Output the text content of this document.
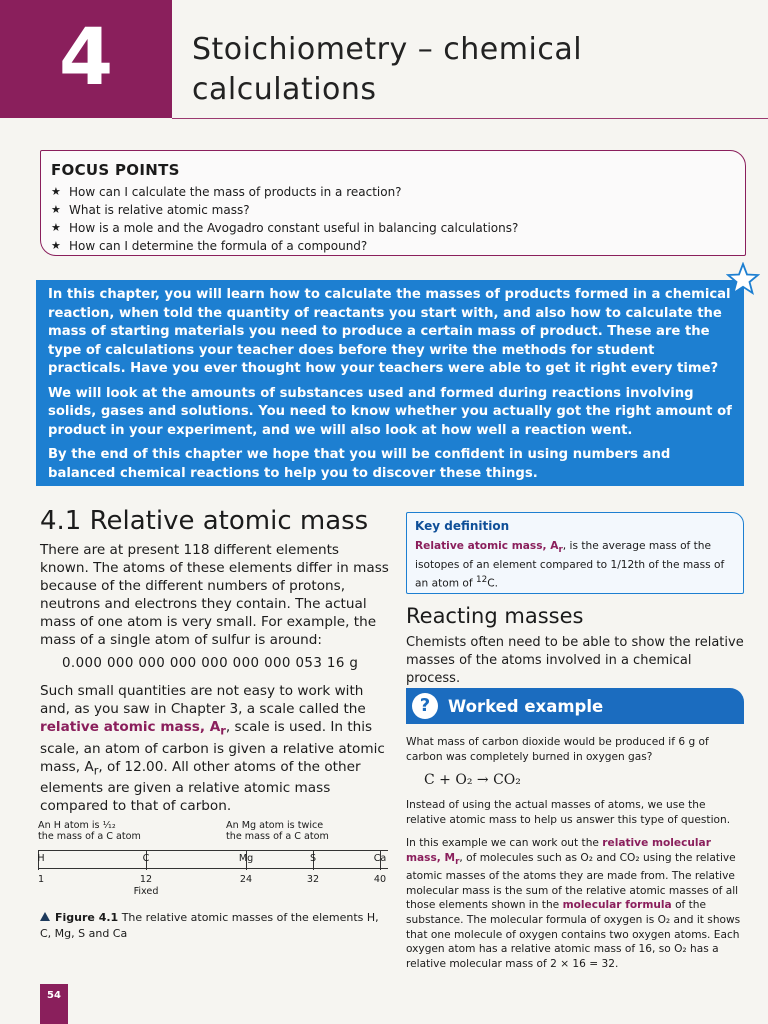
4	Stoichiometry – chemical
calculations
FOCUS POINTS
★ How can I calculate the mass of products in a reaction?
★ What is relative atomic mass?
★ How is a mole and the Avogadro constant useful in balancing calculations?
★ How can I determine the formula of a compound?

In this chapter, you will learn how to calculate the masses of products formed in a chemical reaction, when told the quantity of reactants you start with, and also how to calculate the mass of starting materials you need to produce a certain mass of product. These are the type of calculations your teacher does before they write the methods for student practicals. Have you ever thought how your teachers were able to get it right every time?

We will look at the amounts of substances used and formed during reactions involving solids, gases and solutions. You need to know whether you actually got the right amount of product in your experiment, and we will also look at how well a reaction went.

By the end of this chapter we hope that you will be confident in using numbers and balanced chemical reactions to help you to discover these things.

4.1 Relative atomic mass
There are at present 118 different elements known. The atoms of these elements differ in mass because of the different numbers of protons, neutrons and electrons they contain. The actual mass of one atom is very small. For example, the mass of a single atom of sulfur is around:
0.000 000 000 000 000 000 000 053 16 g
Such small quantities are not easy to work with and, as you saw in Chapter 3, a scale called the relative atomic mass, $A_r$, scale is used. In this scale, an atom of carbon is given a relative atomic mass, $A_r$, of 12.00. All other atoms of the other elements are given a relative atomic mass compared to that of carbon.
An H atom is ¹⁄₁₂
the mass of a C atom
An Mg atom is twice
the mass of a C atom
H	C	Mg	S	Ca
1	12	24	32	40
Fixed
Figure 4.1 The relative atomic masses of the elements H, C, Mg, S and Ca
54
Key definition

Relative atomic mass, $A_r$, is the average mass of the isotopes of an element compared to 1/12th of the mass of an atom of $^{12}$C.

Reacting masses
Chemists often need to be able to show the relative masses of the atoms involved in a chemical process.
?	Worked example
What mass of carbon dioxide would be produced if 6 g of carbon was completely burned in oxygen gas?
C + O₂ → CO₂
Instead of using the actual masses of atoms, we use the relative atomic mass to help us answer this type of question.
In this example we can work out the relative molecular mass, $M_r$, of molecules such as O₂ and CO₂ using the relative atomic masses of the atoms they are made from. The relative molecular mass is the sum of the relative atomic masses of all those elements shown in the molecular formula of the substance. The molecular formula of oxygen is O₂ and it shows that one molecule of oxygen contains two oxygen atoms. Each oxygen atom has a relative atomic mass of 16, so O₂ has a relative molecular mass of 2 × 16 = 32.
